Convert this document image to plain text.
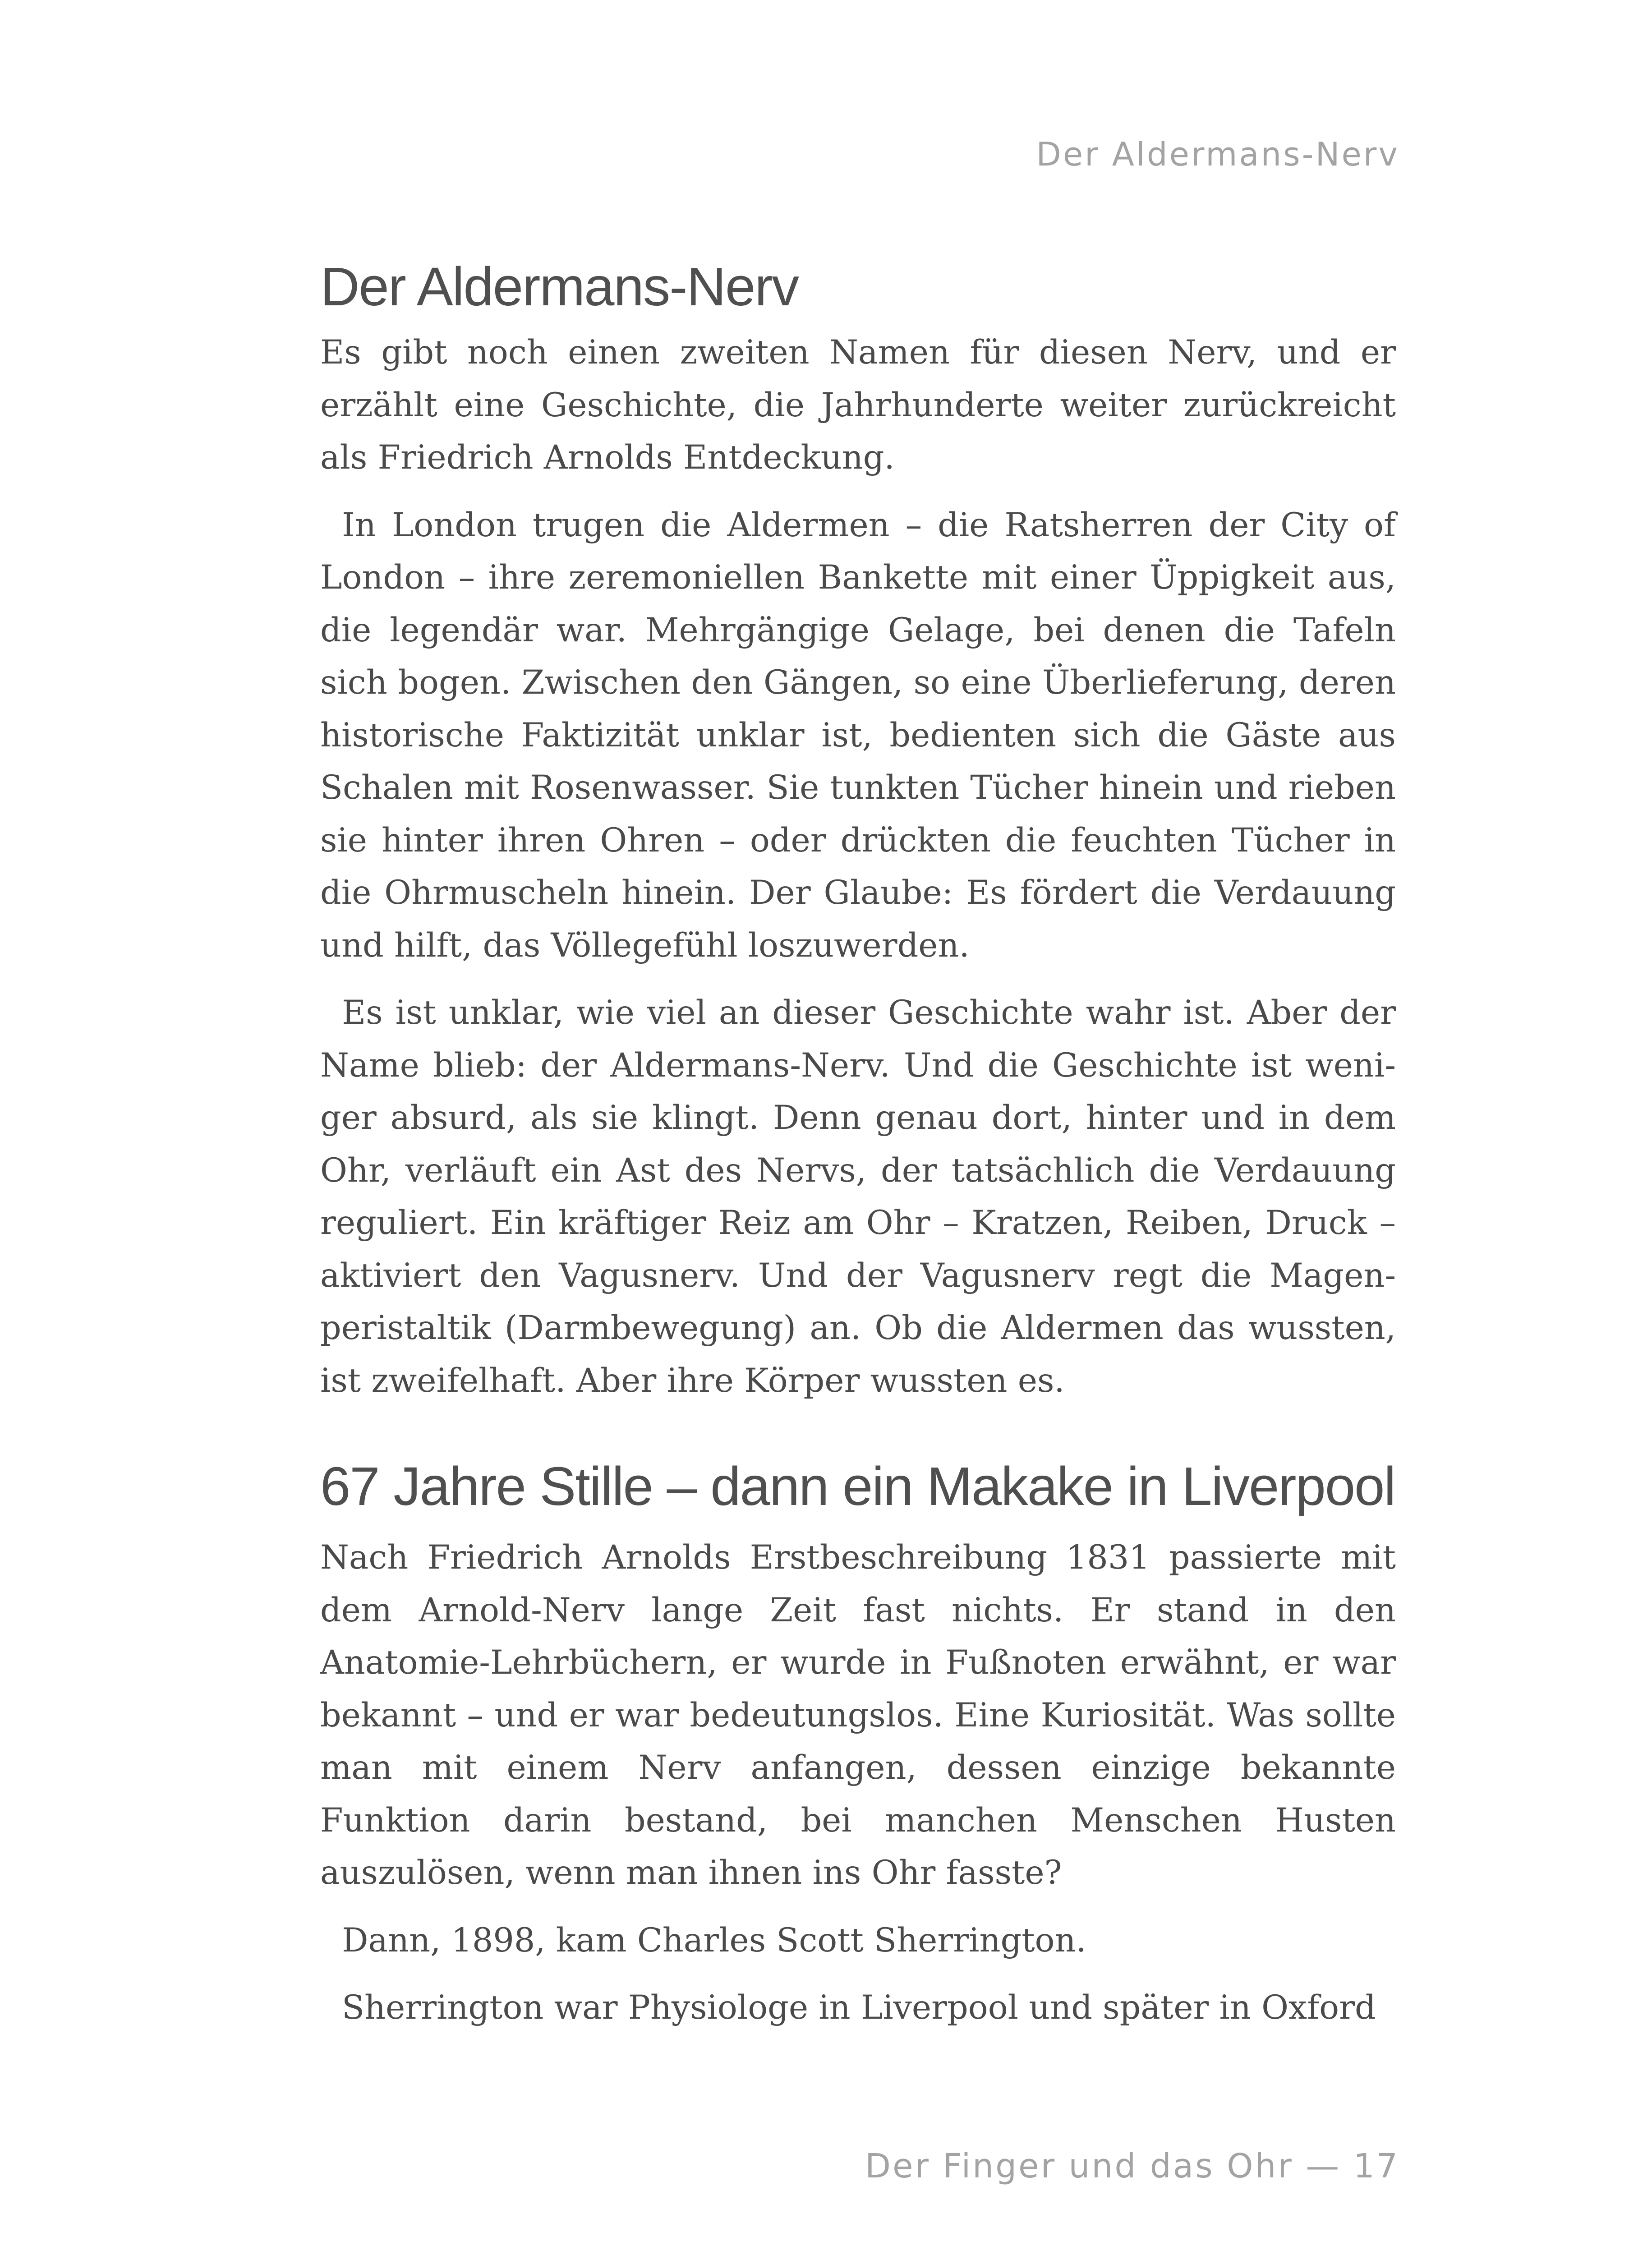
Der Aldermans-Nerv
Der Aldermans-Nerv

Es gibt noch einen zweiten Namen für diesen Nerv, und er erzählt eine Geschichte, die Jahrhunderte weiter zurückreicht als Friedrich Arnolds Entdeckung.

In London trugen die Aldermen – die Ratsherren der City of London – ihre zeremoniellen Bankette mit einer Üppigkeit aus, die legendär war. Mehrgängige Gelage, bei denen die Tafeln sich bogen. Zwischen den Gängen, so eine Überlieferung, deren historische Faktizität unklar ist, bedienten sich die Gäste aus Schalen mit Rosenwasser. Sie tunkten Tücher hinein und rieben sie hinter ihren Ohren – oder drückten die feuchten Tücher in die Ohrmuscheln hinein. Der Glaube: Es fördert die Verdauung und hilft, das Völlegefühl loszuwerden.

Es ist unklar, wie viel an dieser Geschichte wahr ist. Aber der Name blieb: der Aldermans-Nerv. Und die Geschichte ist weniger absurd, als sie klingt. Denn genau dort, hinter und in dem Ohr, verläuft ein Ast des Nervs, der tatsächlich die Verdauung reguliert. Ein kräftiger Reiz am Ohr – Kratzen, Reiben, Druck – aktiviert den Vagusnerv. Und der Vagusnerv regt die Magenperistaltik (Darmbewegung) an. Ob die Aldermen das wussten, ist zweifelhaft. Aber ihre Körper wussten es.

67 Jahre Stille – dann ein Makake in Liverpool

Nach Friedrich Arnolds Erstbeschreibung 1831 passierte mit dem Arnold-Nerv lange Zeit fast nichts. Er stand in den Anatomie-Lehrbüchern, er wurde in Fußnoten erwähnt, er war bekannt – und er war bedeutungslos. Eine Kuriosität. Was sollte man mit einem Nerv anfangen, dessen einzige bekannte Funktion darin bestand, bei manchen Menschen Husten auszulösen, wenn man ihnen ins Ohr fasste?

Dann, 1898, kam Charles Scott Sherrington.

Sherrington war Physiologe in Liverpool und später in Oxford

Der Finger und das Ohr — 17
